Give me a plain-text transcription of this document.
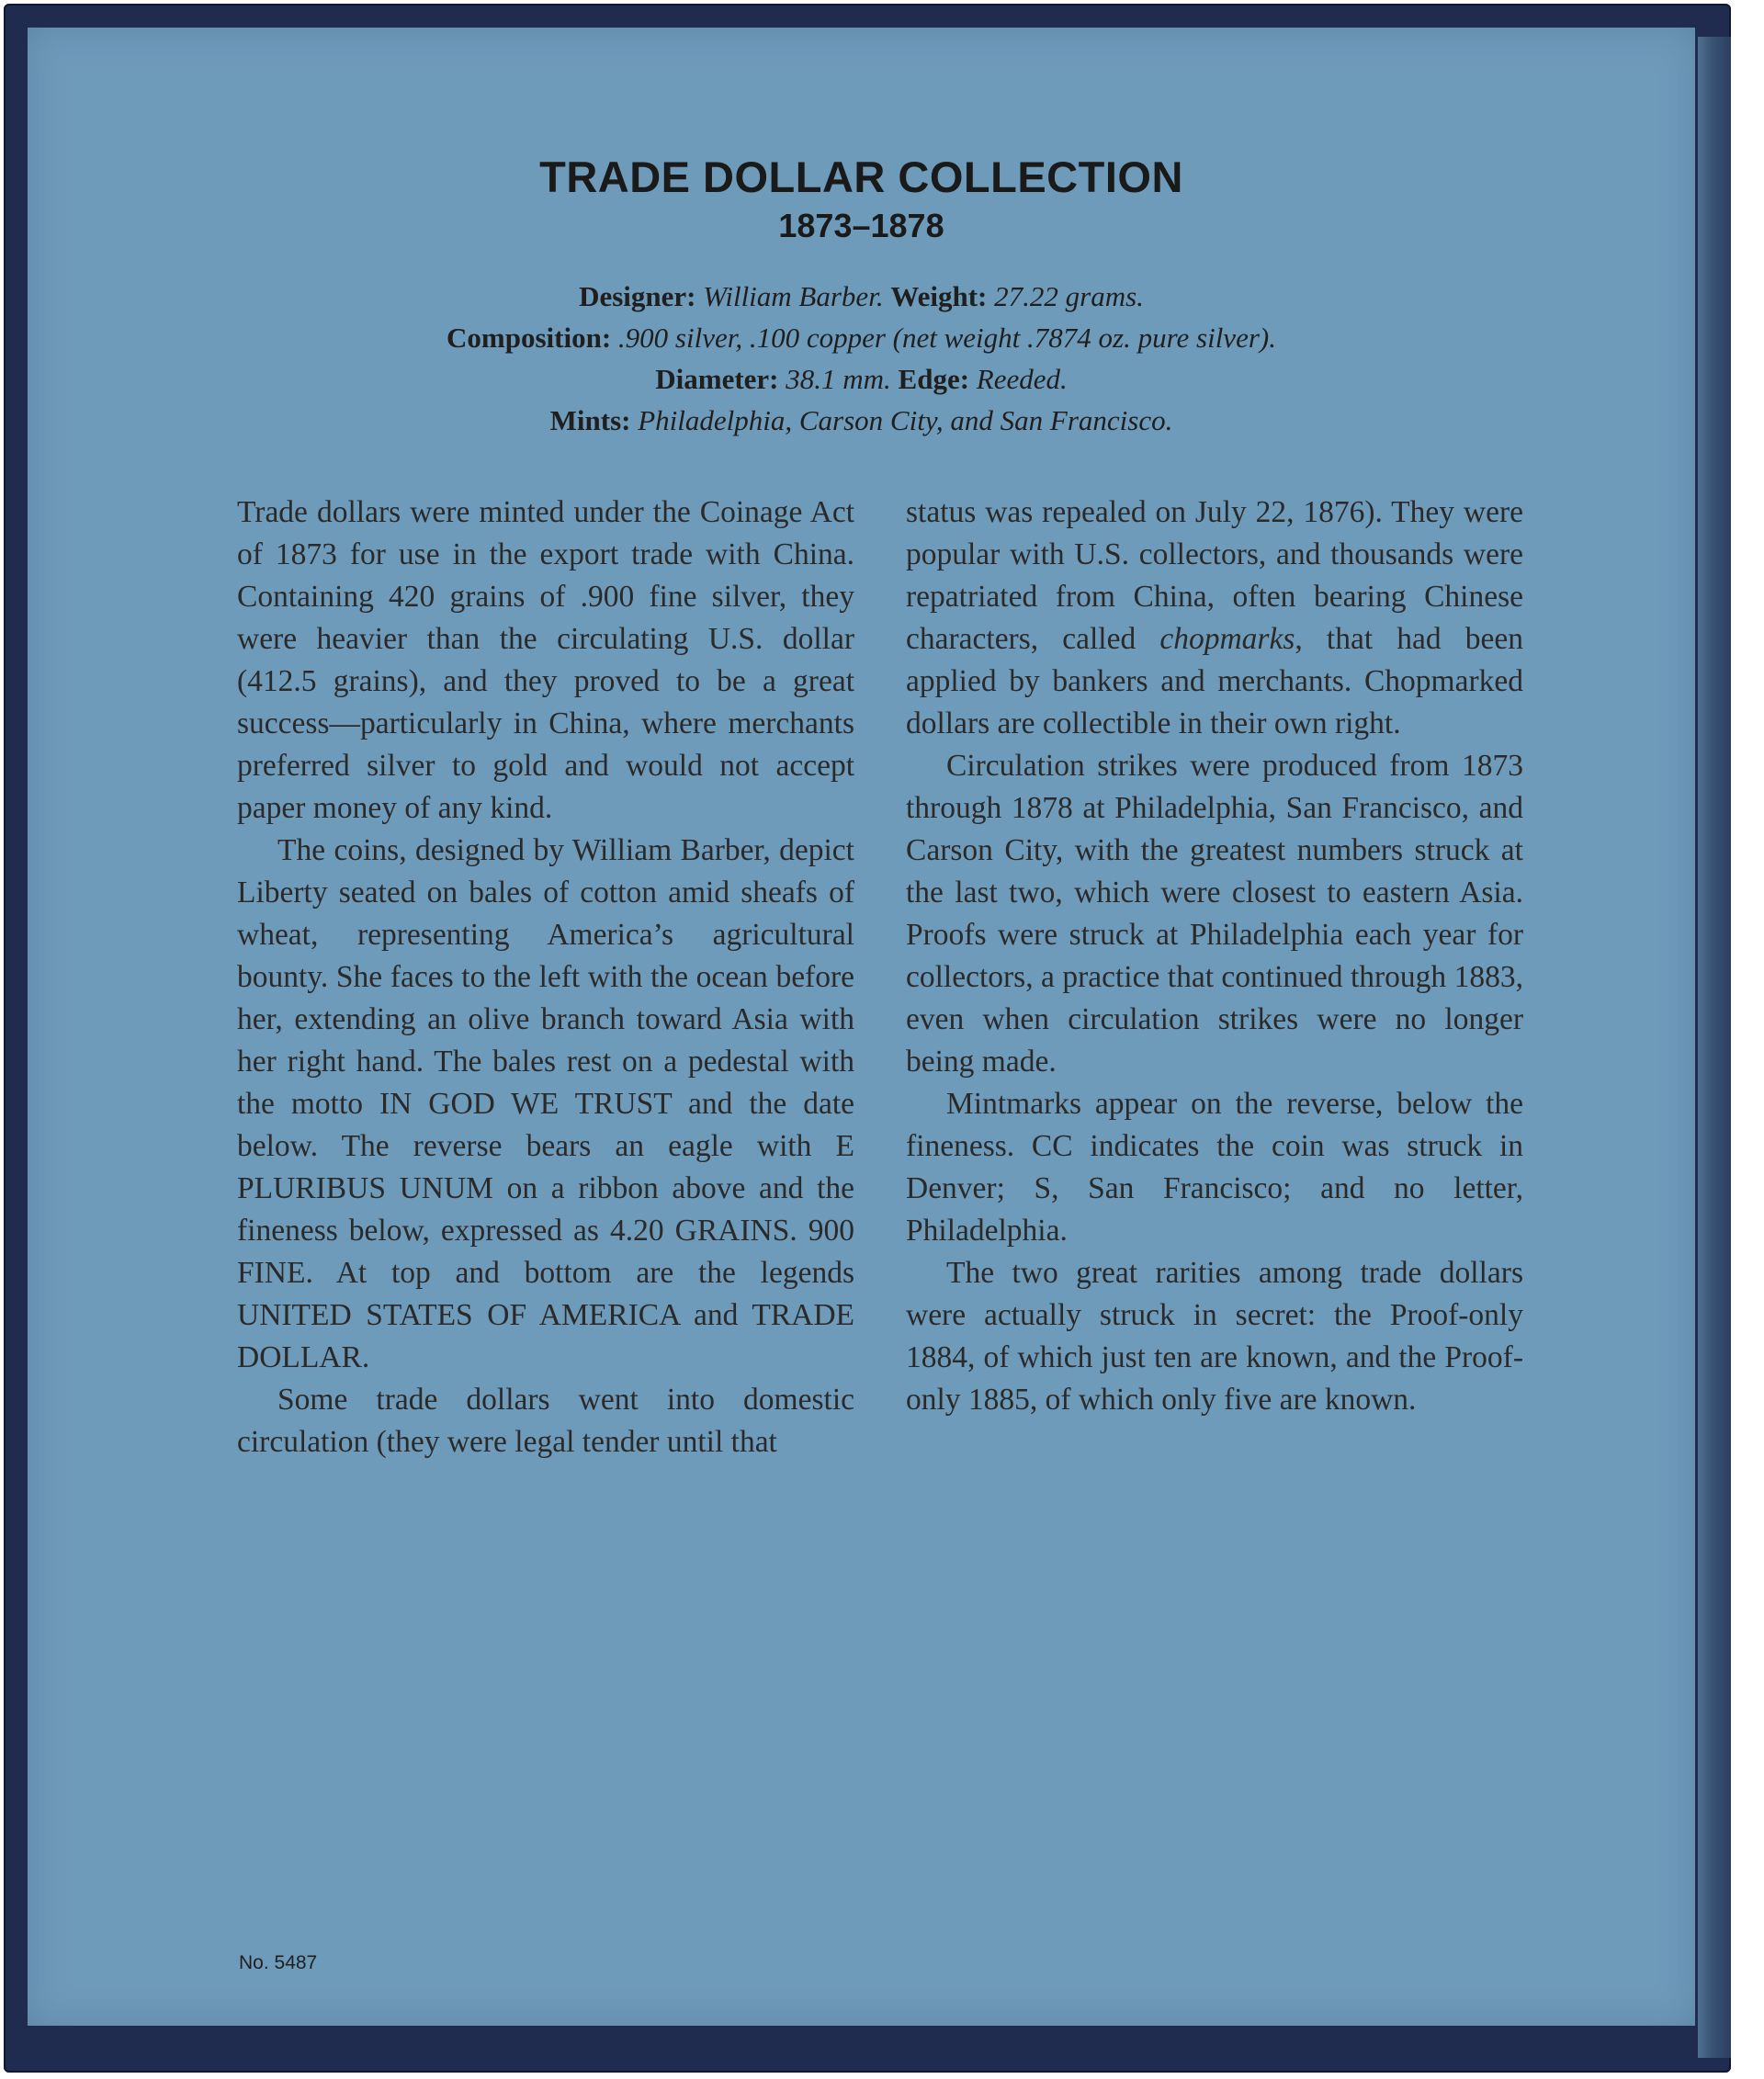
TRADE DOLLAR COLLECTION
1873–1878
Designer: William Barber. Weight: 27.22 grams.
Composition: .900 silver, .100 copper (net weight .7874 oz. pure silver).
Diameter: 38.1 mm. Edge: Reeded.
Mints: Philadelphia, Carson City, and San Francisco.

Trade dollars were minted under the Coinage Act of 1873 for use in the export trade with China. Containing 420 grains of .900 fine silver, they were heavier than the circulating U.S. dollar (412.5 grains), and they proved to be a great success—particularly in China, where merchants preferred silver to gold and would not accept paper money of any kind.

The coins, designed by William Barber, depict Liberty seated on bales of cotton amid sheafs of wheat, representing America’s agricultural bounty. She faces to the left with the ocean before her, extending an olive branch toward Asia with her right hand. The bales rest on a pedestal with the motto IN GOD WE TRUST and the date below. The reverse bears an eagle with E PLURIBUS UNUM on a ribbon above and the fineness below, expressed as 4.20 GRAINS. 900 FINE. At top and bottom are the legends UNITED STATES OF AMERICA and TRADE DOLLAR.

Some trade dollars went into domestic circulation (they were legal tender until that

status was repealed on July 22, 1876). They were popular with U.S. collectors, and thousands were repatriated from China, often bearing Chinese characters, called chopmarks, that had been applied by bankers and merchants. Chopmarked dollars are collectible in their own right.

Circulation strikes were produced from 1873 through 1878 at Philadelphia, San Francisco, and Carson City, with the greatest numbers struck at the last two, which were closest to eastern Asia. Proofs were struck at Philadelphia each year for collectors, a practice that continued through 1883, even when circulation strikes were no longer being made.

Mintmarks appear on the reverse, below the fineness. CC indicates the coin was struck in Denver; S, San Francisco; and no letter, Philadelphia.

The two great rarities among trade dollars were actually struck in secret: the Proof-only 1884, of which just ten are known, and the Proof-only 1885, of which only five are known.

No. 5487
